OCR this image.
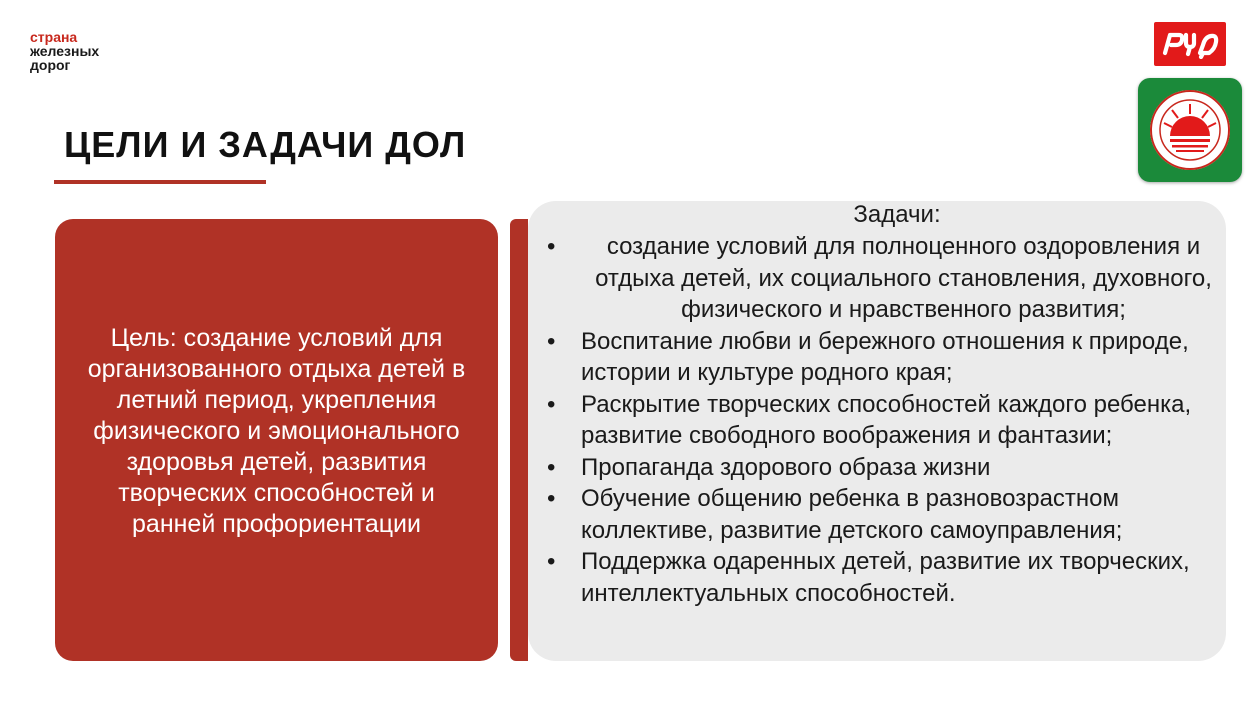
страна
железных
дорог
ЦЕЛИ И ЗАДАЧИ ДОЛ
Цель: создание условий для организованного отдыха детей в летний период, укрепления физического и эмоционального здоровья детей, развития творческих способностей и ранней профориентации
Задачи:
•	создание условий для полноценного оздоровления и отдыха детей, их социального становления, духовного, физического и нравственного развития;
• Воспитание любви и бережного отношения к природе, истории и культуре родного края;
• Раскрытие творческих способностей каждого ребенка, развитие свободного воображения и фантазии;
• Пропаганда здорового образа жизни
• Обучение общению ребенка в разновозрастном коллективе, развитие детского самоуправления;
• Поддержка одаренных детей, развитие их творческих, интеллектуальных способностей.
